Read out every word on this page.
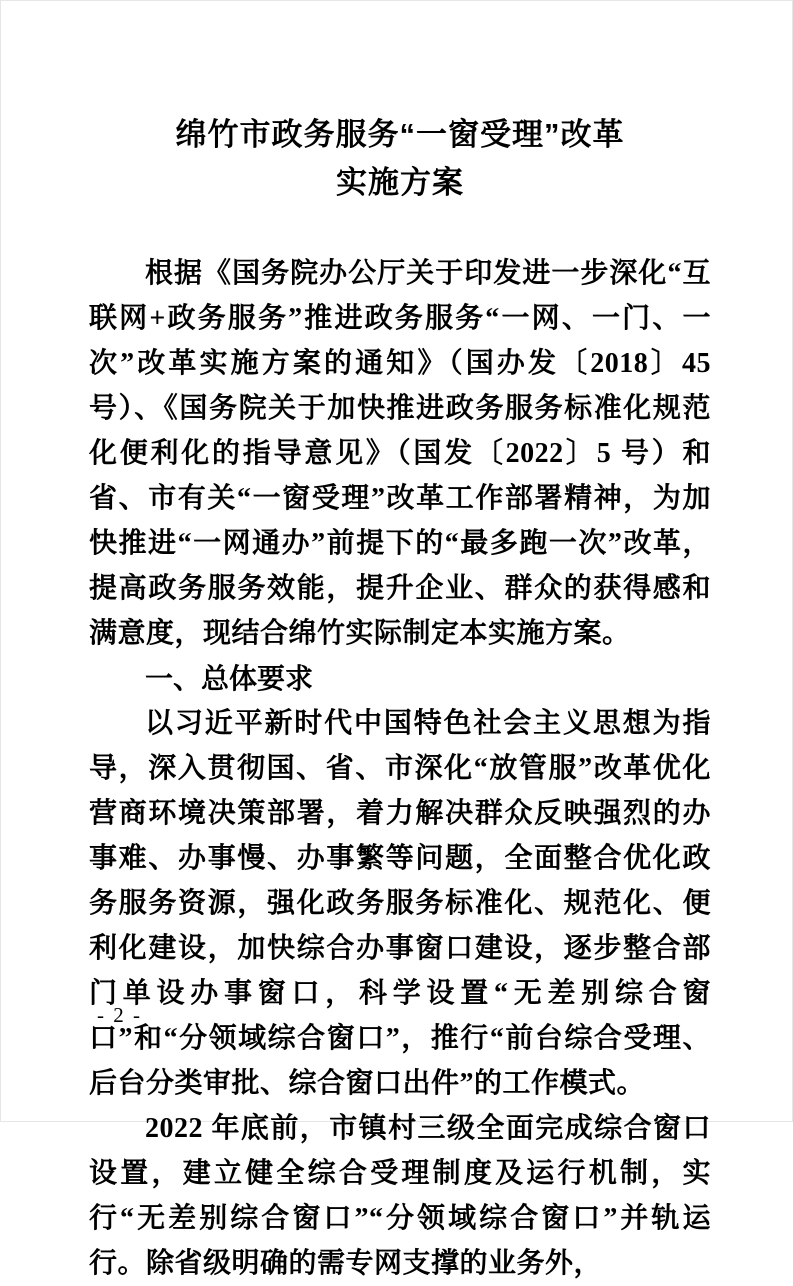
绵竹市政务服务“一窗受理”改革
实施方案

根据《国务院办公厅关于印发进一步深化“互联网+政务服务”推进政务服务“一网、一门、一次”改革实施方案的通知》（国办发〔2018〕45 号）、《国务院关于加快推进政务服务标准化规范化便利化的指导意见》（国发〔2022〕5 号）和省、市有关“一窗受理”改革工作部署精神，为加快推进“一网通办”前提下的“最多跑一次”改革，提高政务服务效能，提升企业、群众的获得感和满意度，现结合绵竹实际制定本实施方案。

一、总体要求

以习近平新时代中国特色社会主义思想为指导，深入贯彻国、省、市深化“放管服”改革优化营商环境决策部署，着力解决群众反映强烈的办事难、办事慢、办事繁等问题，全面整合优化政务服务资源，强化政务服务标准化、规范化、便利化建设，加快综合办事窗口建设，逐步整合部门单设办事窗口，科学设置“无差别综合窗口”和“分领域综合窗口”，推行“前台综合受理、后台分类审批、综合窗口出件”的工作模式。

2022 年底前，市镇村三级全面完成综合窗口设置，建立健全综合受理制度及运行机制，实行“无差别综合窗口”“分领域综合窗口”并轨运行。除省级明确的需专网支撑的业务外，

- 2 -
